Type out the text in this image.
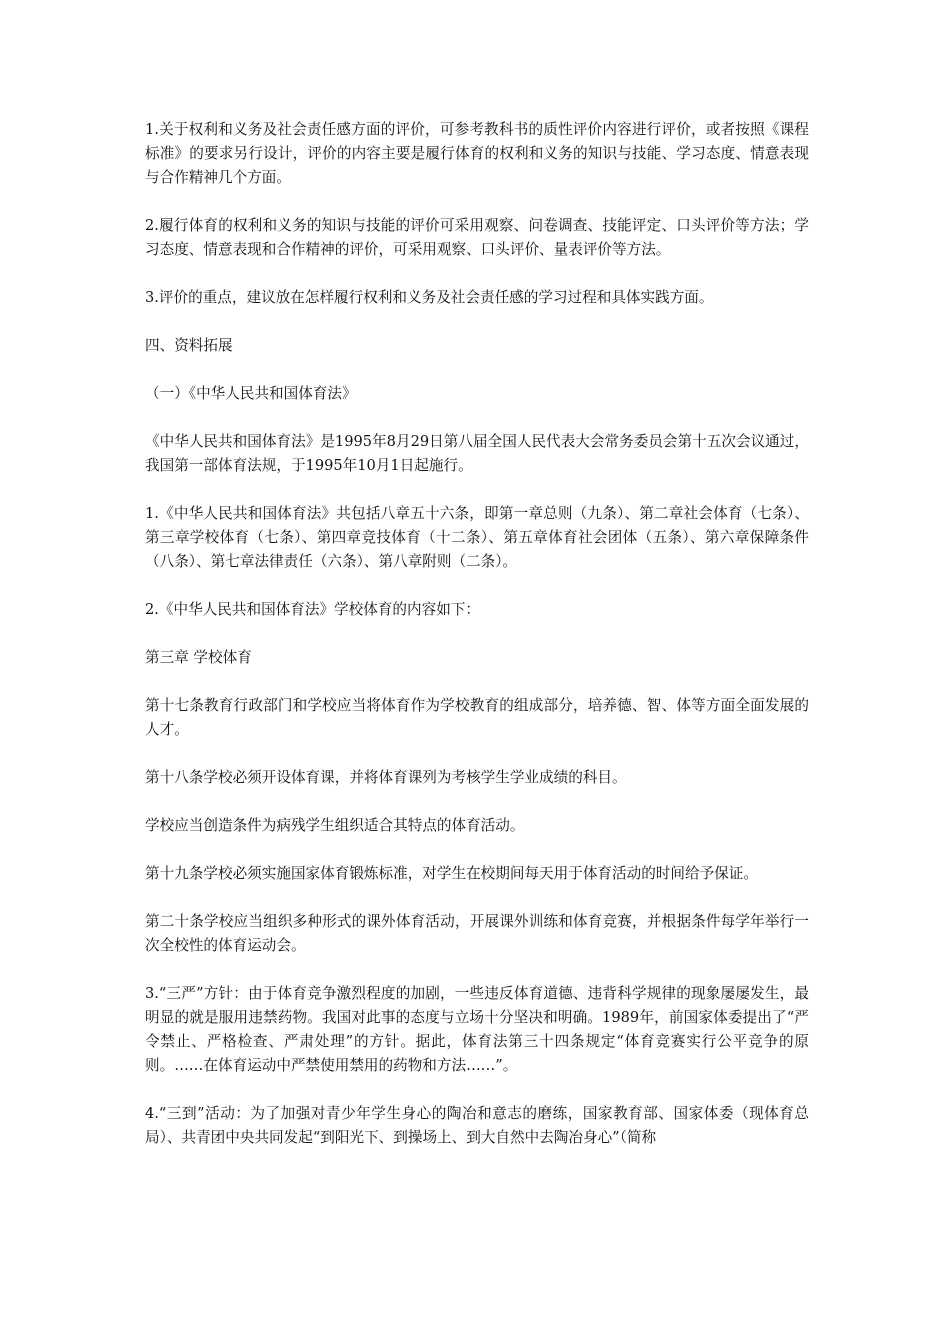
1.关于权利和义务及社会责任感方面的评价，可参考教科书的质性评价内容进行评价，或者按照《课程标准》的要求另行设计，评价的内容主要是履行体育的权利和义务的知识与技能、学习态度、情意表现与合作精神几个方面。

2.履行体育的权利和义务的知识与技能的评价可采用观察、问卷调查、技能评定、口头评价等方法；学习态度、情意表现和合作精神的评价，可采用观察、口头评价、量表评价等方法。

3.评价的重点，建议放在怎样履行权利和义务及社会责任感的学习过程和具体实践方面。

四、资料拓展

（一）《中华人民共和国体育法》

《中华人民共和国体育法》是1995年8月29日第八届全国人民代表大会常务委员会第十五次会议通过，我国第一部体育法规，于1995年10月1日起施行。

1.《中华人民共和国体育法》共包括八章五十六条，即第一章总则（九条）、第二章社会体育（七条）、第三章学校体育（七条）、第四章竞技体育（十二条）、第五章体育社会团体（五条）、第六章保障条件（八条）、第七章法律责任（六条）、第八章附则（二条）。

2.《中华人民共和国体育法》学校体育的内容如下：

第三章 学校体育

第十七条教育行政部门和学校应当将体育作为学校教育的组成部分，培养德、智、体等方面全面发展的人才。

第十八条学校必须开设体育课，并将体育课列为考核学生学业成绩的科目。

学校应当创造条件为病残学生组织适合其特点的体育活动。

第十九条学校必须实施国家体育锻炼标准，对学生在校期间每天用于体育活动的时间给予保证。

第二十条学校应当组织多种形式的课外体育活动，开展课外训练和体育竞赛，并根据条件每学年举行一次全校性的体育运动会。

3.“三严”方针：由于体育竞争激烈程度的加剧，一些违反体育道德、违背科学规律的现象屡屡发生，最明显的就是服用违禁药物。我国对此事的态度与立场十分坚决和明确。1989年，前国家体委提出了“严令禁止、严格检查、严肃处理”的方针。据此，体育法第三十四条规定“体育竞赛实行公平竞争的原则。……在体育运动中严禁使用禁用的药物和方法……”。

4.“三到”活动：为了加强对青少年学生身心的陶冶和意志的磨练，国家教育部、国家体委（现体育总局）、共青团中央共同发起“到阳光下、到操场上、到大自然中去陶冶身心”（简称
